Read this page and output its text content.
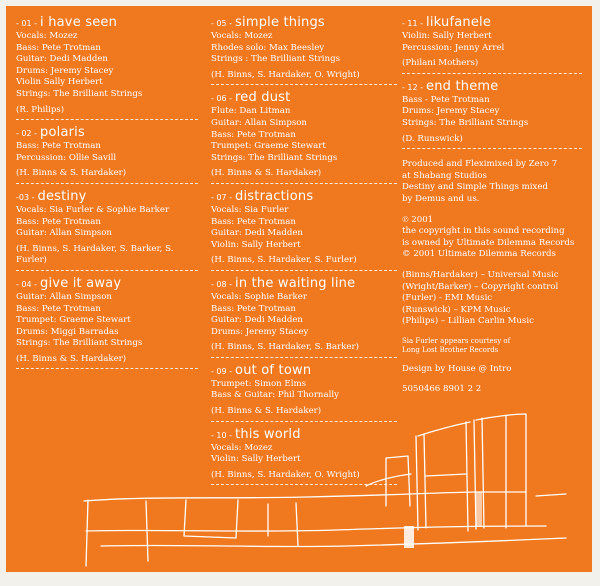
- 01 - i have seen
Vocals: Mozez
Bass: Pete Trotman
Guitar: Dedi Madden
Drums: Jeremy Stacey
Violin Sally Herbert
Strings: The Brilliant Strings
(R. Philips)
- 02 - polaris
Bass: Pete Trotman
Percussion: Ollie Savill
(H. Binns & S. Hardaker)
-03 - destiny
Vocals: Sia Furler & Sophie Barker
Bass: Pete Trotman
Guitar: Allan Simpson
(H. Binns, S. Hardaker, S. Barker, S. Furler)
- 04 - give it away
Guitar: Allan Simpson
Bass: Pete Trotman
Trumpet: Graeme Stewart
Drums: Miggi Barradas
Strings: The Brilliant Strings
(H. Binns & S. Hardaker)
- 05 - simple things
Vocals: Mozez
Rhodes solo: Max Beesley
Strings : The Brilliant Strings
(H. Binns, S. Hardaker, O. Wright)
- 06 - red dust
Flute: Dan Litman
Guitar: Allan Simpson
Bass: Pete Trotman
Trumpet: Graeme Stewart
Strings: The Brilliant Strings
(H. Binns & S. Hardaker)
- 07 - distractions
Vocals: Sia Furler
Bass: Pete Trotman
Guitar: Dedi Madden
Violin: Sally Herbert
(H. Binns, S. Hardaker, S. Furler)
- 08 - in the waiting line
Vocals: Sophie Barker
Bass: Pete Trotman
Guitar: Dedi Madden
Drums: Jeremy Stacey
(H. Binns, S. Hardaker, S. Barker)
- 09 - out of town
Trumpet: Simon Elms
Bass & Guitar: Phil Thornally
(H. Binns & S. Hardaker)
- 10 - this world
Vocals: Mozez
Violin: Sally Herbert
(H. Binns, S. Hardaker, O. Wright)
- 11 - likufanele
Violin: Sally Herbert
Percussion: Jenny Arrel
(Philani Mothers)
- 12 - end theme
Bass - Pete Trotman
Drums: Jeremy Stacey
Strings: The Brilliant Strings
(D. Runswick)

Produced and Fleximixed by Zero 7
at Shabang Studios
Destiny and Simple Things mixed
by Demus and us.

℗ 2001
the copyright in this sound recording
is owned by Ultimate Dilemma Records
© 2001 Ultimate Dilemma Records

(Binns/Hardaker) – Universal Music
(Wright/Barker) – Copyright control
(Furler) - EMI Music
(Runswick) – KPM Music
(Philips) – Lillian Carlin Music

Sia Furler appears courtesy of
Long Lost Brother Records

Design by House @ Intro

5050466 8901 2 2
